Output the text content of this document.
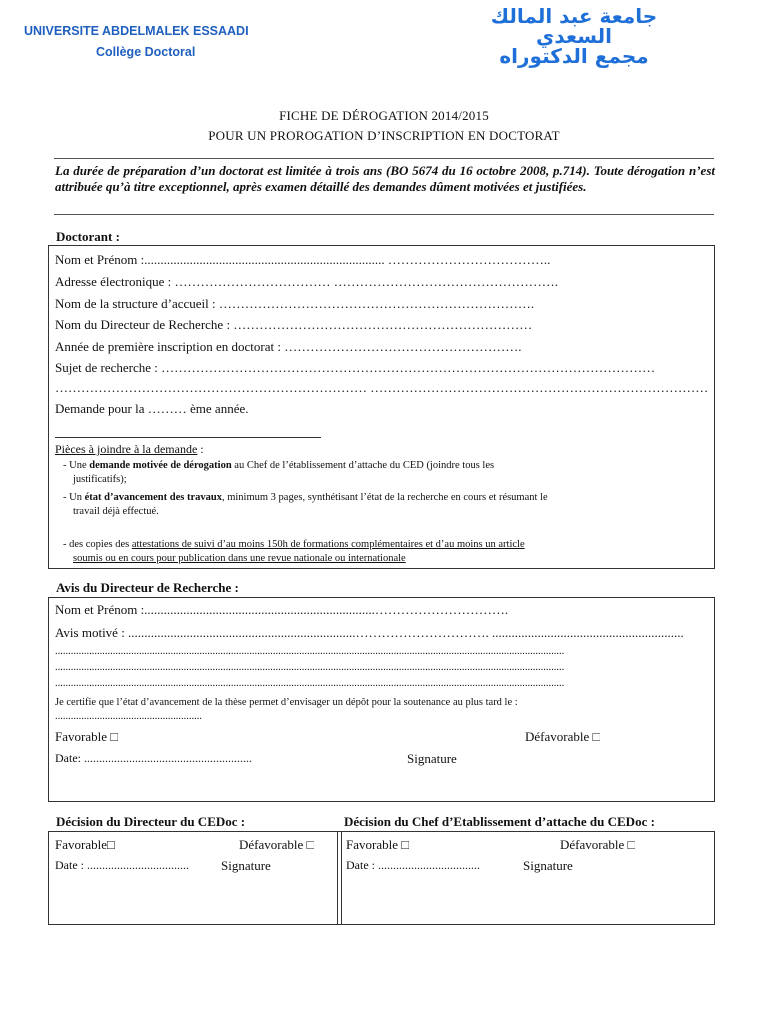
UNIVERSITE ABDELMALEK ESSAADI
Collège Doctoral
جامعة عبد المالك
السعدي
مجمع الدكتوراه
FICHE DE DÉROGATION 2014/2015
POUR UN PROROGATION D’INSCRIPTION EN DOCTORAT
La durée de préparation d’un doctorat est limitée à trois ans (BO 5674 du 16 octobre 2008, p.714). Toute dérogation n’est attribuée qu’à titre exceptionnel, après examen détaillé des demandes dûment motivées et justifiées.
Doctorant :
Nom et Prénom :.......................................................................... ………………………………..
Adresse électronique : ……………………………… …………………………………………….
Nom de la structure d’accueil : ……………………………………………………………….
Nom du Directeur de Recherche : ……………………………………………………………
Année de première inscription en doctorat : ……………………………………………….
Sujet de recherche : ……………………………………………………………………………………………………
……………………………………………………………… ……………………………………………………………………
Demande pour la ……… ème année.
Pièces à joindre à la demande :
- Une demande motivée de dérogation au Chef de l’établissement d’attache du CED (joindre tous les
justificatifs);
- Un état d’avancement des travaux, minimum 3 pages, synthétisant l’état de la recherche en cours et résumant le
travail déjà effectué.
- des copies des attestations de suivi d’au moins 150h de formations complémentaires et d’au moins un article
soumis ou en cours pour publication dans une revue nationale ou internationale
Avis du Directeur de Recherche :
Nom et Prénom :.......................................................................………………………….
Avis motivé : ......................................................................…………………………. ...........................................................
..................................................................................................................................................................................................
..................................................................................................................................................................................................
..................................................................................................................................................................................................
Je certifie que l’état d’avancement de la thèse permet d’envisager un dépôt pour la soutenance au plus tard le :
........................................................
Favorable □	Défavorable □
Date: ........................................................	Signature
Décision du Directeur du CEDoc :	Décision du Chef d’Etablissement d’attache du CEDoc :
Favorable□	Défavorable □
Date : .................................. Signature
Favorable □	Défavorable □
Date : ..................................	Signature
